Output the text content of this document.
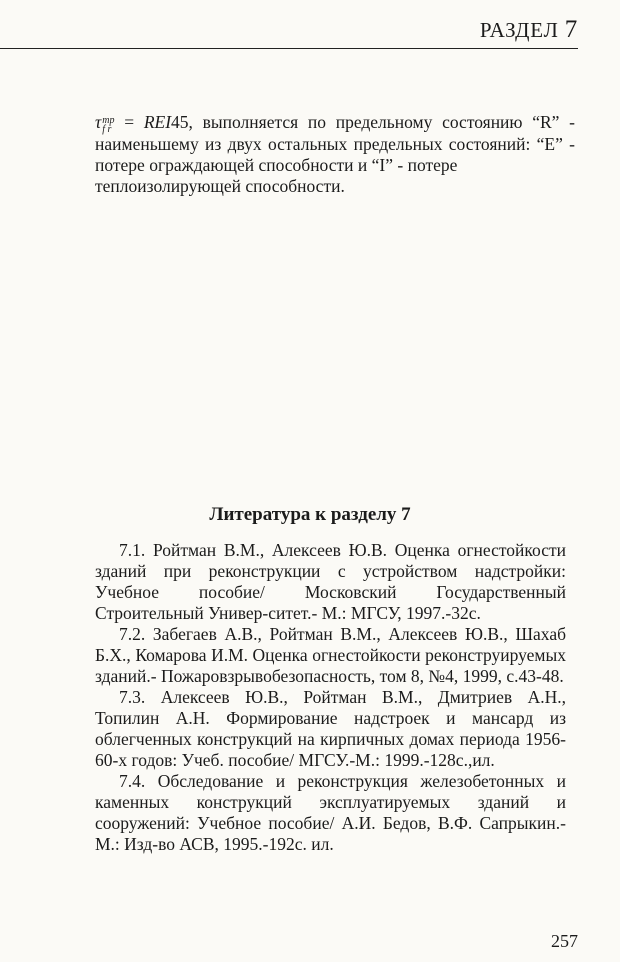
РАЗДЕЛ 7
τ тр
f r = REI45, выполняется по предельному состоянию “R” - наименьшему из двух остальных предельных состояний: “E” - потере ограждающей способности и “I” - потере
теплоизолирующей способности.
Литература к разделу 7

7.1. Ройтман В.М., Алексеев Ю.В. Оценка огнестойкости зданий при реконструкции с устройством надстройки: Учебное пособие/ Московский Государственный Строительный Универ-ситет.- М.: МГСУ, 1997.-32с.

7.2. Забегаев А.В., Ройтман В.М., Алексеев Ю.В., Шахаб Б.Х., Комарова И.М. Оценка огнестойкости реконструируемых зданий.- Пожаровзрывобезопасность, том 8, №4, 1999, с.43-48.

7.3. Алексеев Ю.В., Ройтман В.М., Дмитриев А.Н., Топилин А.Н. Формирование надстроек и мансард из облегченных конструкций на кирпичных домах периода 1956-60-х годов: Учеб. пособие/ МГСУ.-М.: 1999.-128с.,ил.

7.4. Обследование и реконструкция железобетонных и каменных конструкций эксплуатируемых зданий и сооружений: Учебное пособие/ А.И. Бедов, В.Ф. Сапрыкин.-М.: Изд-во АСВ, 1995.-192с. ил.

257
